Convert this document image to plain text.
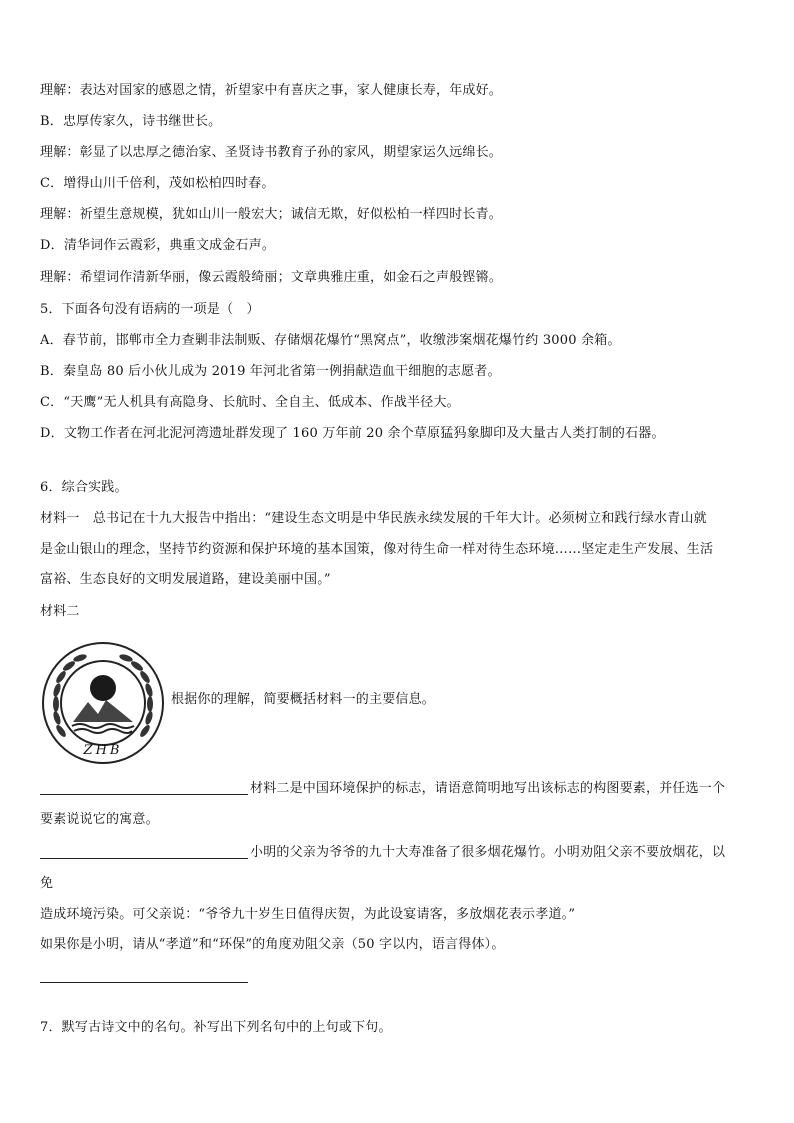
理解：表达对国家的感恩之情，祈望家中有喜庆之事，家人健康长寿，年成好。
B．忠厚传家久，诗书继世长。
理解：彰显了以忠厚之德治家、圣贤诗书教育子孙的家风，期望家运久远绵长。
C．增得山川千倍利，茂如松柏四时春。
理解：祈望生意规模，犹如山川一般宏大；诚信无欺，好似松柏一样四时长青。
D．清华词作云霞彩，典重文成金石声。
理解：希望词作清新华丽，像云霞般绮丽；文章典雅庄重，如金石之声般铿锵。
5．下面各句没有语病的一项是（　）
A．春节前，邯郸市全力查剿非法制贩、存储烟花爆竹“黑窝点”，收缴涉案烟花爆竹约 3000 余箱。
B．秦皇岛 80 后小伙儿成为 2019 年河北省第一例捐献造血干细胞的志愿者。
C．“天鹰”无人机具有高隐身、长航时、全自主、低成本、作战半径大。
D．文物工作者在河北泥河湾遗址群发现了 160 万年前 20 余个草原猛犸象脚印及大量古人类打制的石器。
6．综合实践。
材料一　总书记在十九大报告中指出：“建设生态文明是中华民族永续发展的千年大计。必须树立和践行绿水青山就
是金山银山的理念，坚持节约资源和保护环境的基本国策，像对待生命一样对待生态环境……坚定走生产发展、生活
富裕、生态良好的文明发展道路，建设美丽中国。”
材料二
ZHB
根据你的理解，简要概括材料一的主要信息。
材料二是中国环境保护的标志，请语意简明地写出该标志的构图要素，并任选一个
要素说说它的寓意。
小明的父亲为爷爷的九十大寿准备了很多烟花爆竹。小明劝阻父亲不要放烟花，以
免
造成环境污染。可父亲说：“爷爷九十岁生日值得庆贺，为此设宴请客，多放烟花表示孝道。”
如果你是小明，请从“孝道”和“环保”的角度劝阻父亲（50 字以内，语言得体）。
7．默写古诗文中的名句。补写出下列名句中的上句或下句。
